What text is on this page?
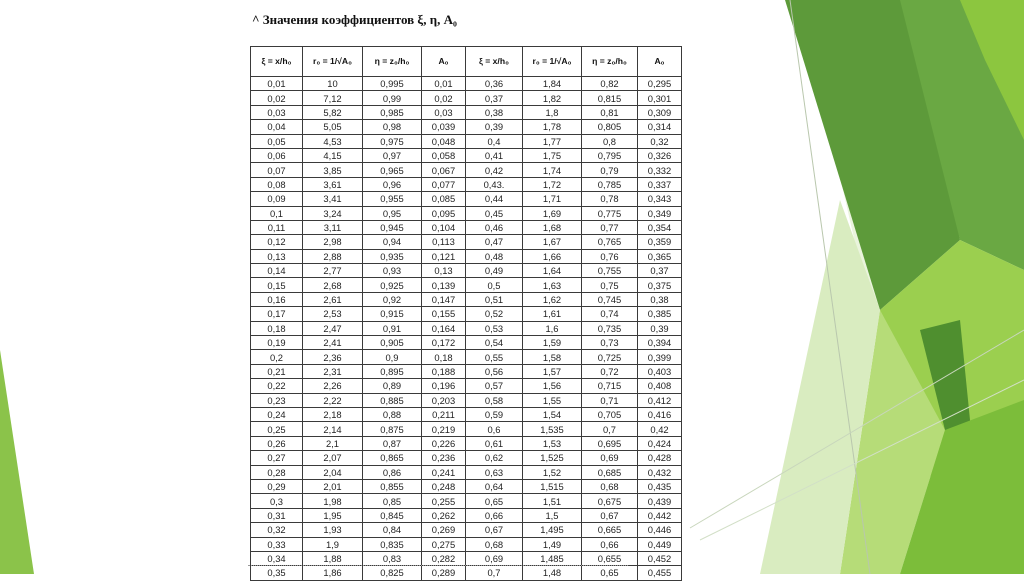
^ Значения коэффициентов ξ, η, A₀
ξ = x/h₀	r₀ = 1/√A₀	η = z₀/h₀	A₀	ξ = x/h₀	r₀ = 1/√A₀	η = z₀/h₀	A₀
0,01	10	0,995	0,01	0,36	1,84	0,82	0,295
0,02	7,12	0,99	0,02	0,37	1,82	0,815	0,301
0,03	5,82	0,985	0,03	0,38	1,8	0,81	0,309
0,04	5,05	0,98	0,039	0,39	1,78	0,805	0,314
0,05	4,53	0,975	0,048	0,4	1,77	0,8	0,32
0,06	4,15	0,97	0,058	0,41	1,75	0,795	0,326
0,07	3,85	0,965	0,067	0,42	1,74	0,79	0,332
0,08	3,61	0,96	0,077	0,43.	1,72	0,785	0,337
0,09	3,41	0,955	0,085	0,44	1,71	0,78	0,343
0,1	3,24	0,95	0,095	0,45	1,69	0,775	0,349
0,11	3,11	0,945	0,104	0,46	1,68	0,77	0,354
0,12	2,98	0,94	0,113	0,47	1,67	0,765	0,359
0,13	2,88	0,935	0,121	0,48	1,66	0,76	0,365
0,14	2,77	0,93	0,13	0,49	1,64	0,755	0,37
0,15	2,68	0,925	0,139	0,5	1,63	0,75	0,375
0,16	2,61	0,92	0,147	0,51	1,62	0,745	0,38
0,17	2,53	0,915	0,155	0,52	1,61	0,74	0,385
0,18	2,47	0,91	0,164	0,53	1,6	0,735	0,39
0,19	2,41	0,905	0,172	0,54	1,59	0,73	0,394
0,2	2,36	0,9	0,18	0,55	1,58	0,725	0,399
0,21	2,31	0,895	0,188	0,56	1,57	0,72	0,403
0,22	2,26	0,89	0,196	0,57	1,56	0,715	0,408
0,23	2,22	0,885	0,203	0,58	1,55	0,71	0,412
0,24	2,18	0,88	0,211	0,59	1,54	0,705	0,416
0,25	2,14	0,875	0,219	0,6	1,535	0,7	0,42
0,26	2,1	0,87	0,226	0,61	1,53	0,695	0,424
0,27	2,07	0,865	0,236	0,62	1,525	0,69	0,428
0,28	2,04	0,86	0,241	0,63	1,52	0,685	0,432
0,29	2,01	0,855	0,248	0,64	1,515	0,68	0,435
0,3	1,98	0,85	0,255	0,65	1,51	0,675	0,439
0,31	1,95	0,845	0,262	0,66	1,5	0,67	0,442
0,32	1,93	0,84	0,269	0,67	1,495	0,665	0,446
0,33	1,9	0,835	0,275	0,68	1,49	0,66	0,449
0,34	1,88	0,83	0,282	0,69	1,485	0,655	0,452
0,35	1,86	0,825	0,289	0,7	1,48	0,65	0,455
